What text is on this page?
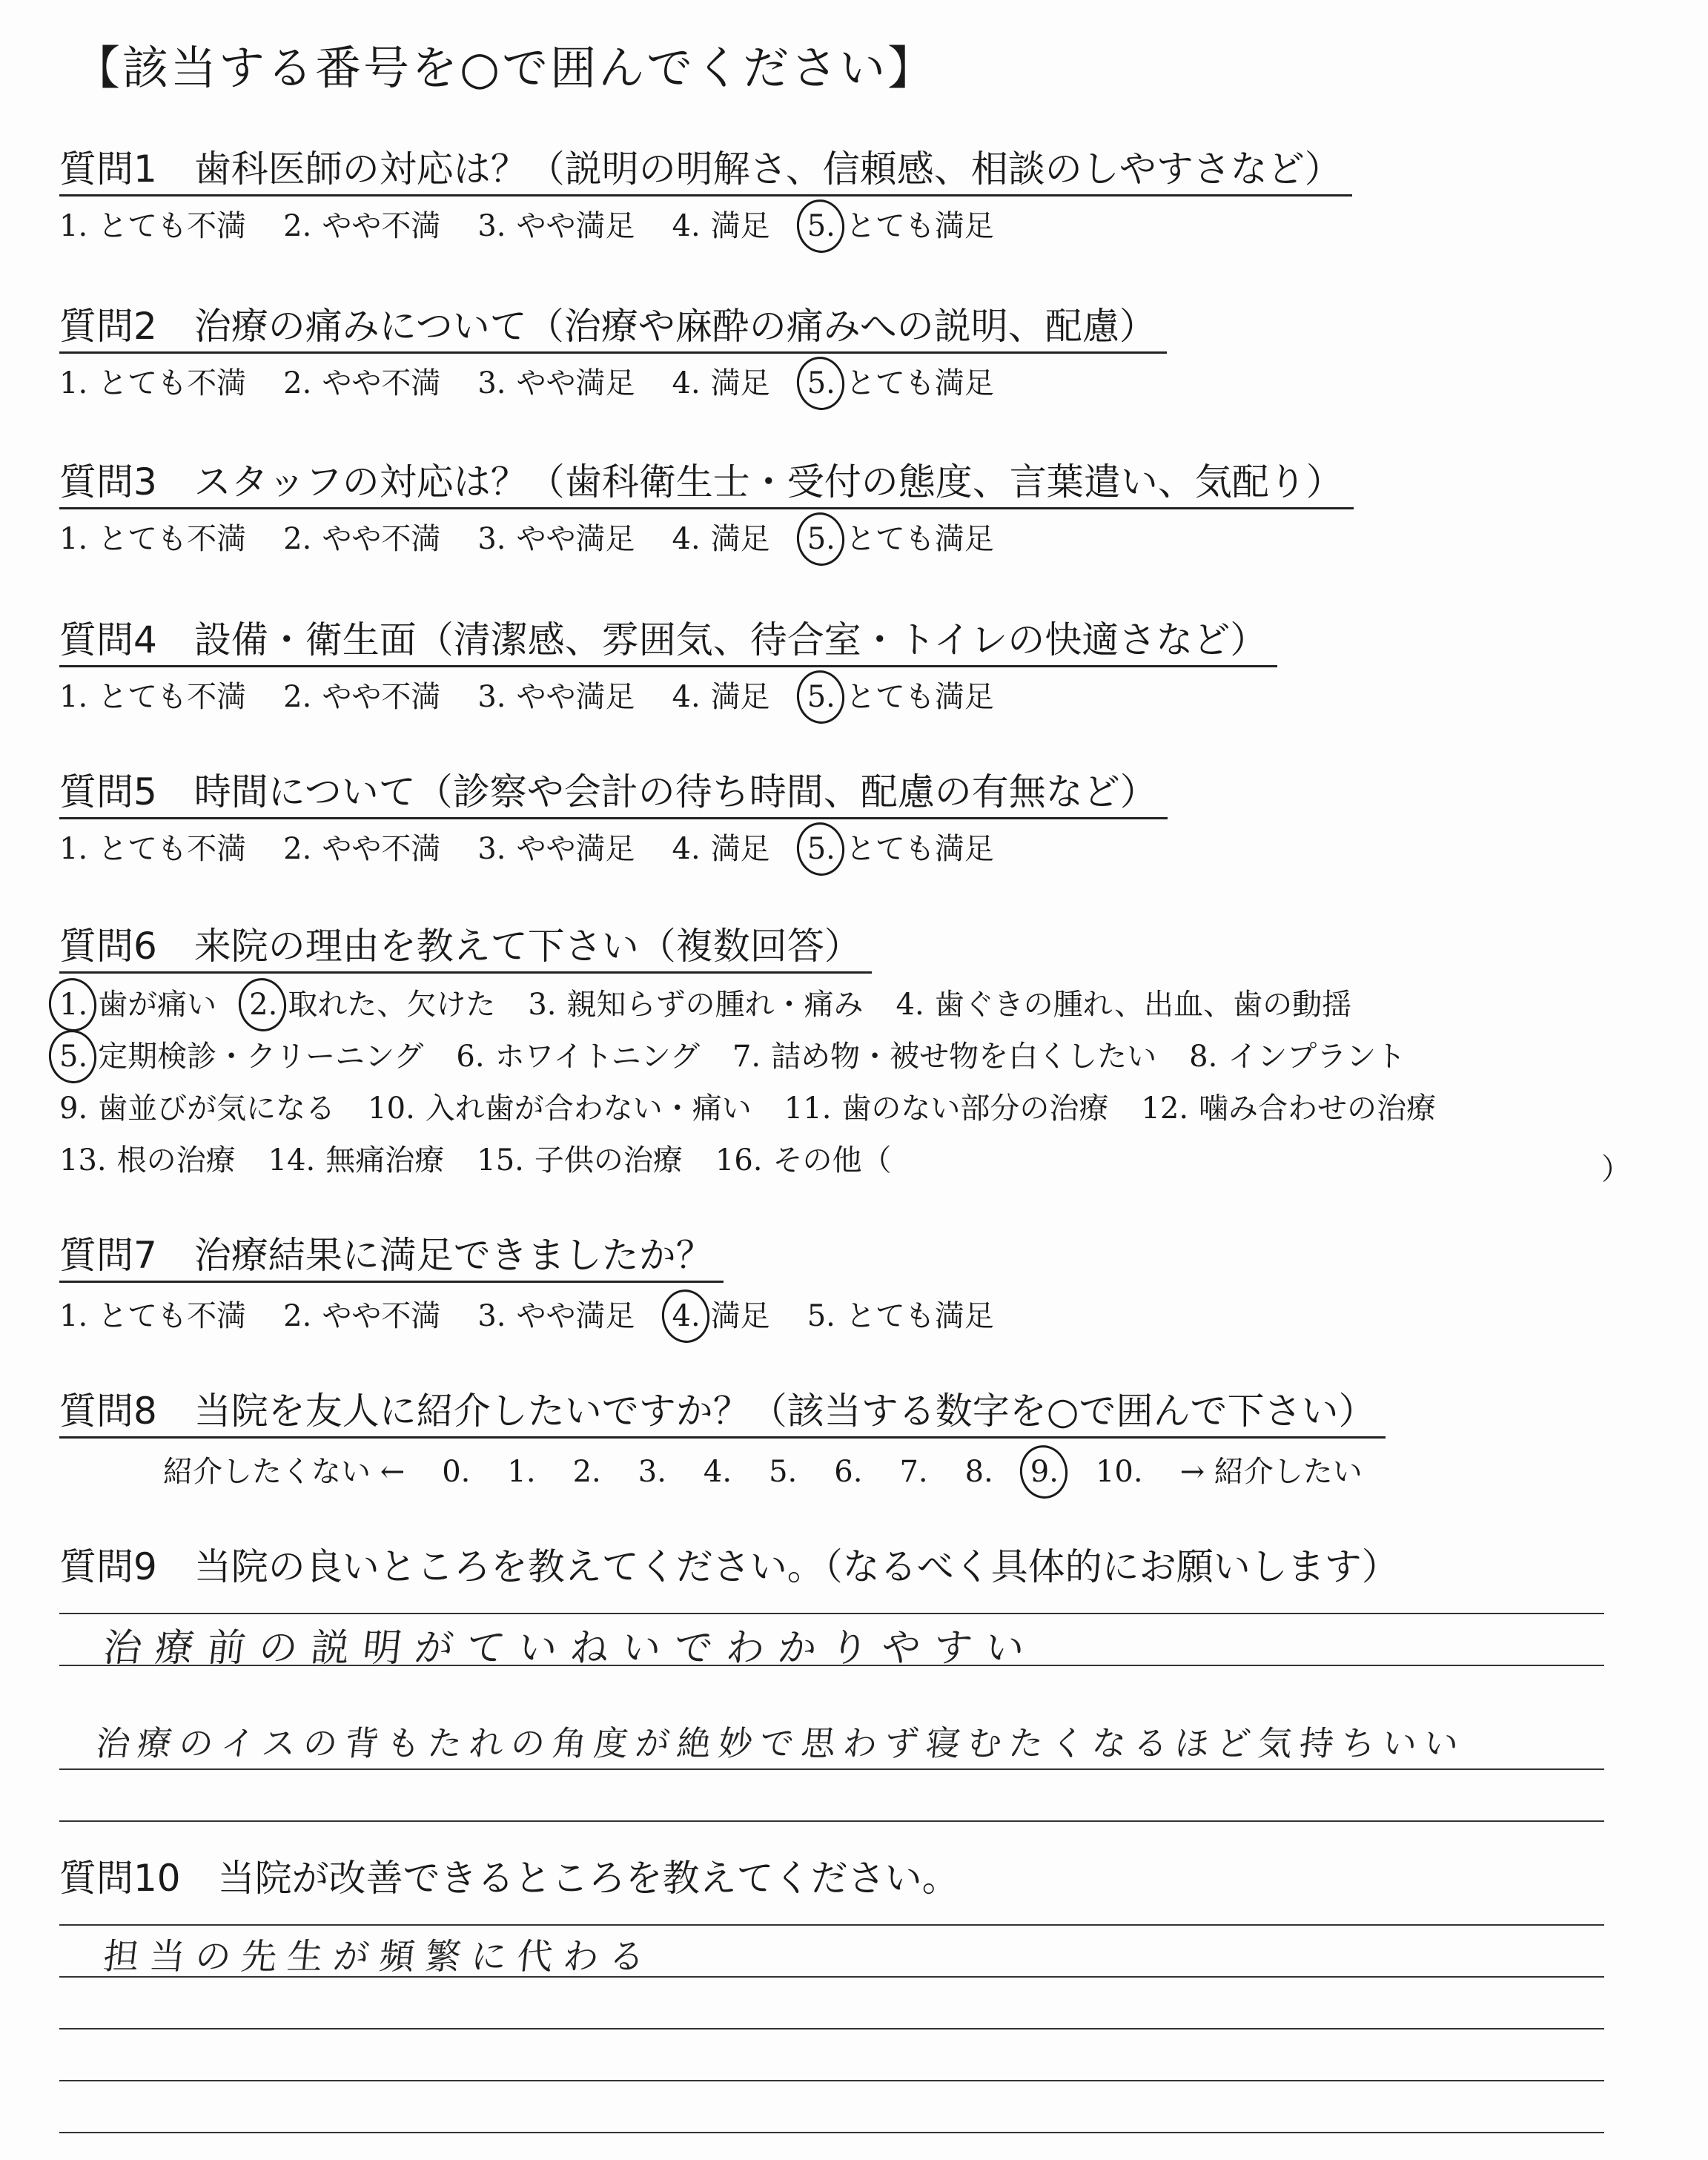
【該当する番号を○で囲んでください】
質問1　歯科医師の対応は？（説明の明解さ、信頼感、相談のしやすさなど）
1. とても不満 2. やや不満 3. やや満足 4. 満足 5. とても満足
質問2　治療の痛みについて（治療や麻酔の痛みへの説明、配慮）
1. とても不満 2. やや不満 3. やや満足 4. 満足 5. とても満足
質問3　スタッフの対応は？（歯科衛生士・受付の態度、言葉遣い、気配り）
1. とても不満 2. やや不満 3. やや満足 4. 満足 5. とても満足
質問4　設備・衛生面（清潔感、雰囲気、待合室・トイレの快適さなど）
1. とても不満 2. やや不満 3. やや満足 4. 満足 5. とても満足
質問5　時間について（診察や会計の待ち時間、配慮の有無など）
1. とても不満 2. やや不満 3. やや満足 4. 満足 5. とても満足
質問6　来院の理由を教えて下さい（複数回答）
1. 歯が痛い 2. 取れた、欠けた 3. 親知らずの腫れ・痛み 4. 歯ぐきの腫れ、出血、歯の動揺
5. 定期検診・クリーニング 6. ホワイトニング 7. 詰め物・被せ物を白くしたい 8. インプラント
9. 歯並びが気になる 10. 入れ歯が合わない・痛い 11. 歯のない部分の治療 12. 噛み合わせの治療
13. 根の治療 14. 無痛治療 15. 子供の治療 16. その他（	）
質問7　治療結果に満足できましたか？
1. とても不満 2. やや不満 3. やや満足 4. 満足 5. とても満足
質問8　当院を友人に紹介したいですか？（該当する数字を○で囲んで下さい）
紹介したくない ← 0. 1. 2. 3. 4. 5. 6. 7. 8. 9. 10. → 紹介したい
質問9　当院の良いところを教えてください。（なるべく具体的にお願いします）
治療前の説明がていねいでわかりやすい
治療のイスの背もたれの角度が絶妙で思わず寝むたくなるほど気持ちいい
質問10　当院が改善できるところを教えてください。
担当の先生が頻繁に代わる
